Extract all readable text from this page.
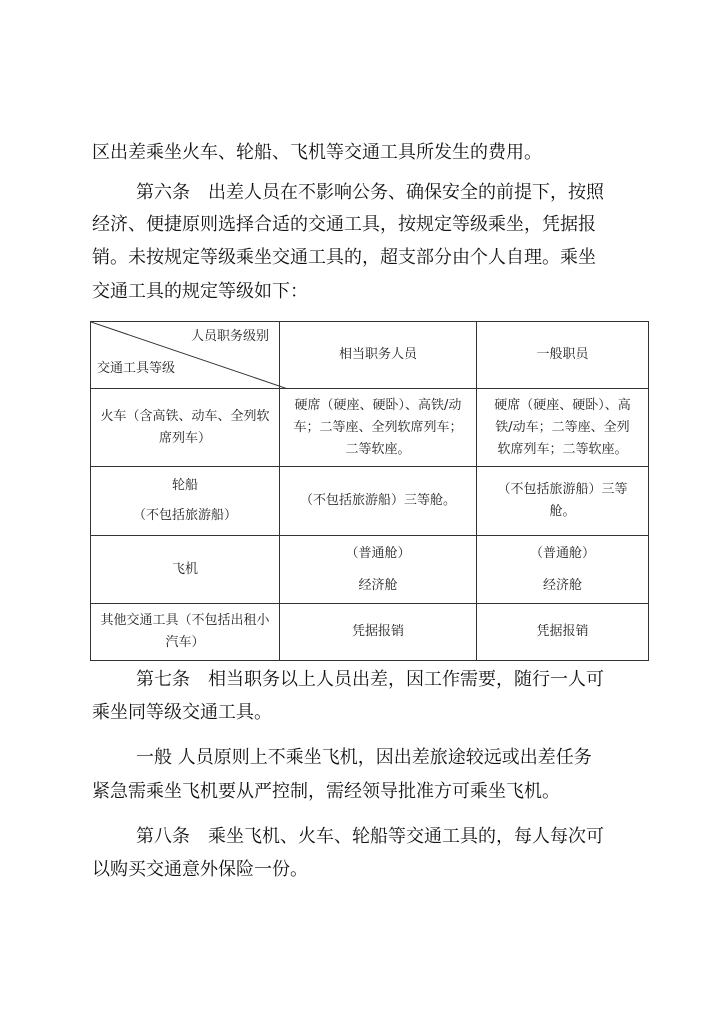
区出差乘坐火车、轮船、飞机等交通工具所发生的费用。
第六条　出差人员在不影响公务、确保安全的前提下，按照
经济、便捷原则选择合适的交通工具，按规定等级乘坐，凭据报
销。未按规定等级乘坐交通工具的，超支部分由个人自理。乘坐
交通工具的规定等级如下：
人员职务级别
交通工具等级	相当职务人员	一般职员

火车（含高铁、动车、全列软
席列车）	硬席（硬座、硬卧）、高铁/动
车；二等座、全列软席列车；
二等软座。	硬席（硬座、硬卧）、高
铁/动车；二等座、全列
软席列车；二等软座。

轮船
（不包括旅游船）	（不包括旅游船）三等舱。	（不包括旅游船）三等
舱。

飞机	（普通舱）
经济舱	（普通舱）
经济舱

其他交通工具（不包括出租小
汽车）	凭据报销	凭据报销
第七条　相当职务以上人员出差，因工作需要，随行一人可
乘坐同等级交通工具。
一般 人员原则上不乘坐飞机，因出差旅途较远或出差任务
紧急需乘坐飞机要从严控制，需经领导批准方可乘坐飞机。
第八条　乘坐飞机、火车、轮船等交通工具的，每人每次可
以购买交通意外保险一份。
